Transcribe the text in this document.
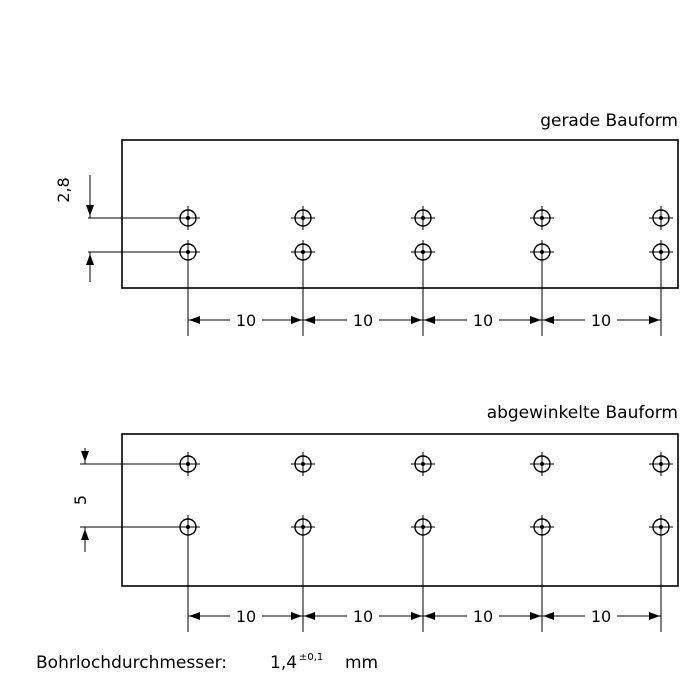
gerade Bauform
2,8
10	10	10	10
abgewinkelte Bauform
5
10	10	10	10
Bohrlochdurchmesser:	1,4 ±0,1 mm
